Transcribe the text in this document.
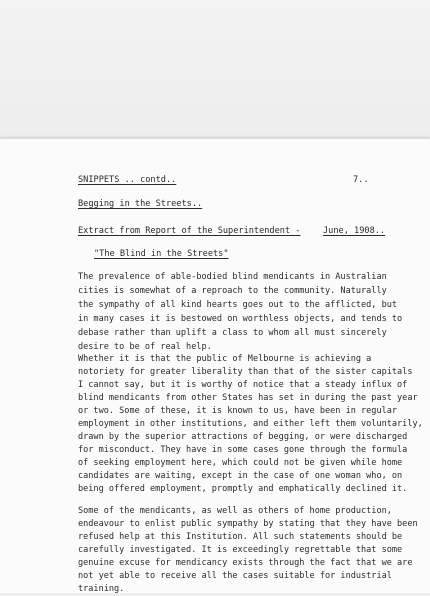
SNIPPETS .. contd..	7..
Begging in the Streets..
Extract from Report of the Superintendent -	June, 1908..
"The Blind in the Streets"
The prevalence of able-bodied blind mendicants in Australian
cities is somewhat of a reproach to the community. Naturally
the sympathy of all kind hearts goes out to the afflicted, but
in many cases it is bestowed on worthless objects, and tends to
debase rather than uplift a class to whom all must sincerely
desire to be of real help.
Whether it is that the public of Melbourne is achieving a
notoriety for greater liberality than that of the sister capitals
I cannot say, but it is worthy of notice that a steady influx of
blind mendicants from other States has set in during the past year
or two. Some of these, it is known to us, have been in regular
employment in other institutions, and either left them voluntarily,
drawn by the superior attractions of begging, or were discharged
for misconduct. They have in some cases gone through the formula
of seeking employment here, which could not be given while home
candidates are waiting, except in the case of one woman who, on
being offered employment, promptly and emphatically declined it.
Some of the mendicants, as well as others of home production,
endeavour to enlist public sympathy by stating that they have been
refused help at this Institution. All such statements should be
carefully investigated. It is exceedingly regrettable that some
genuine excuse for mendicancy exists through the fact that we are
not yet able to receive all the cases suitable for industrial
training.
